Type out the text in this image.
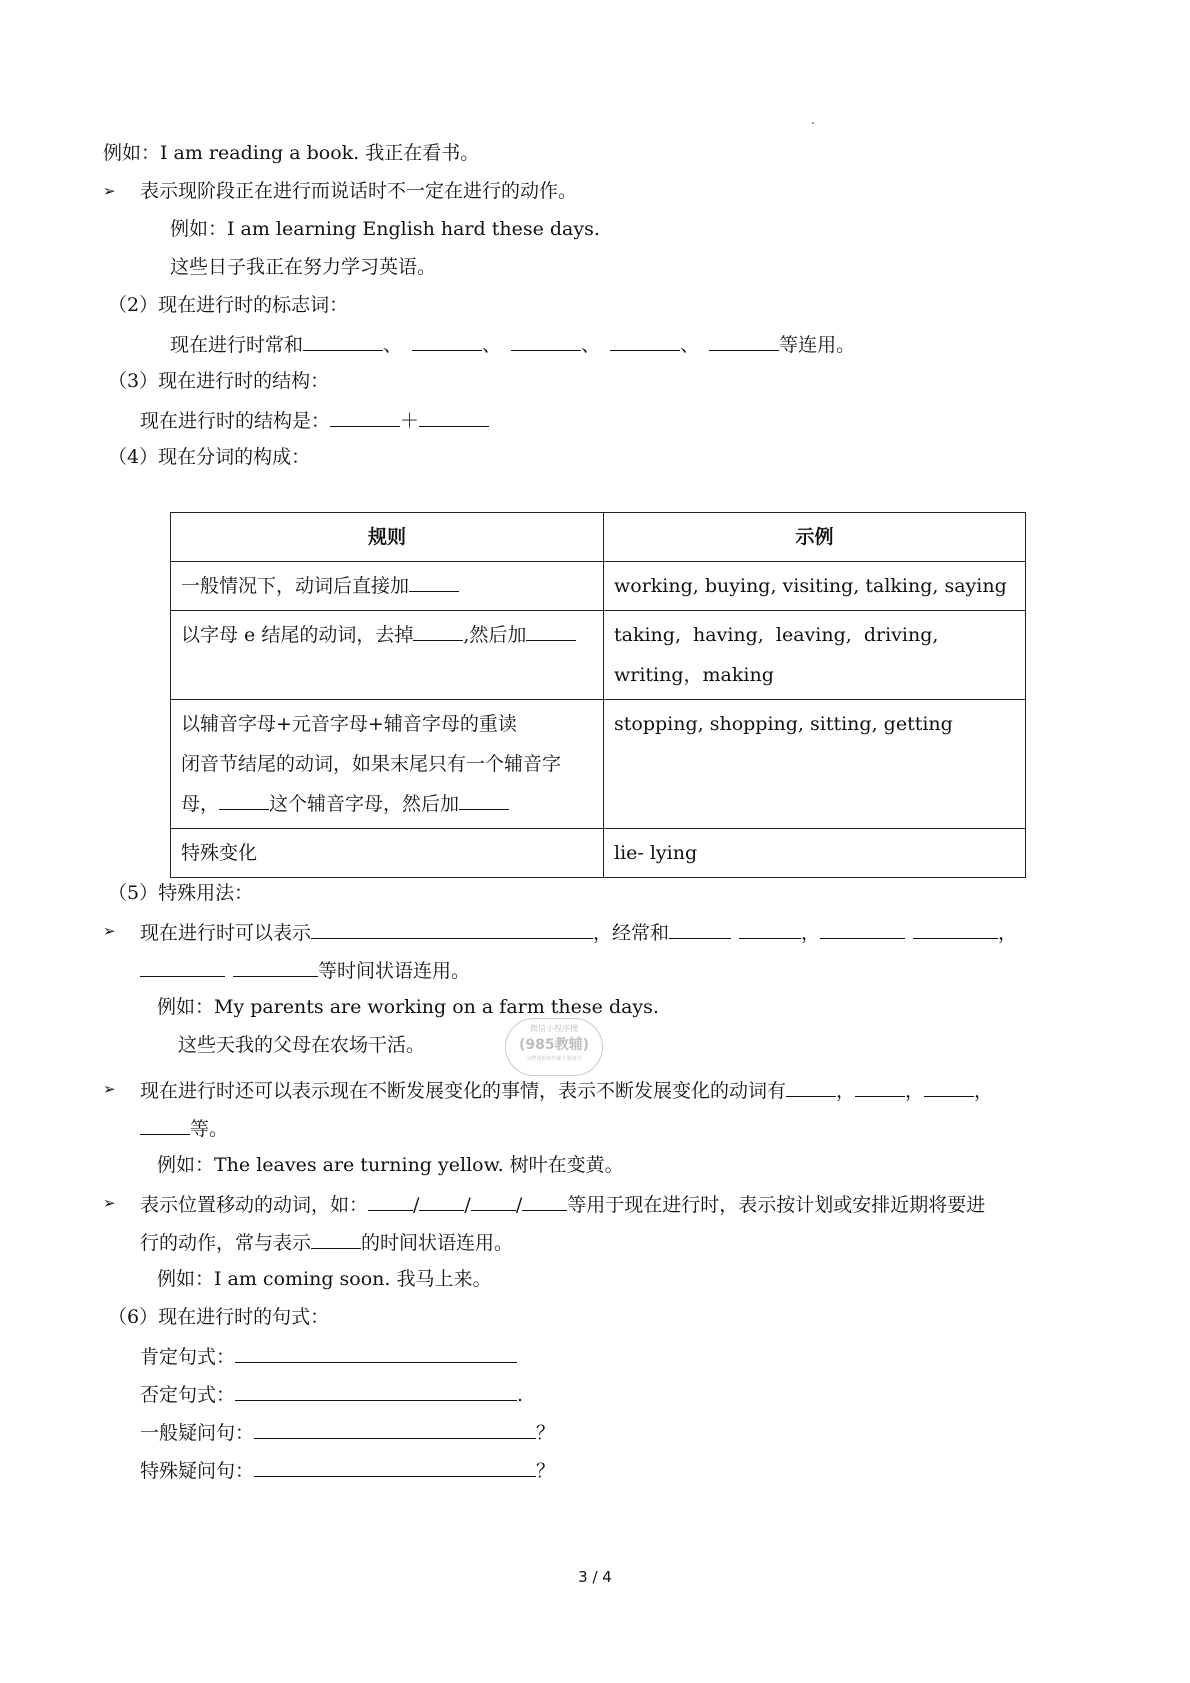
例如：I am reading a book. 我正在看书。
➢ 表示现阶段正在进行而说话时不一定在进行的动作。
例如：I am learning English hard these days.
这些日子我正在努力学习英语。
（2）现在进行时的标志词：
现在进行时常和	、	、	、	、	等连用。
（3）现在进行时的结构：
现在进行时的结构是：	＋
（4）现在分词的构成：
规则	示例
一般情况下，动词后直接加	working, buying, visiting, talking, saying
以字母 e 结尾的动词，去掉 ,然后加	taking, having, leaving, driving, writing，making

以辅音字母+元音字母+辅音字母的重读
闭音节结尾的动词，如果末尾只有一个辅音字
母， 这个辅音字母，然后加	stopping, shopping, sitting, getting
特殊变化	lie- lying
（5）特殊用法：
➢ 现在进行时可以表示	，经常和	，	，
等时间状语连用。
例如：My parents are working on a farm these days.
这些天我的父母在农场干活。
微信小程序搜
(985教辅)
完整资料和答案不要错过
➢ 现在进行时还可以表示现在不断发展变化的事情，表示不断发展变化的动词有	，	，	，
等。
例如：The leaves are turning yellow. 树叶在变黄。
➢ 表示位置移动的动词，如： / / / 等用于现在进行时，表示按计划或安排近期将要进
行的动作，常与表示	的时间状语连用。
例如：I am coming soon. 我马上来。
（6）现在进行时的句式：
肯定句式：
否定句式：	.
一般疑问句：	？
特殊疑问句：	？
3 / 4
